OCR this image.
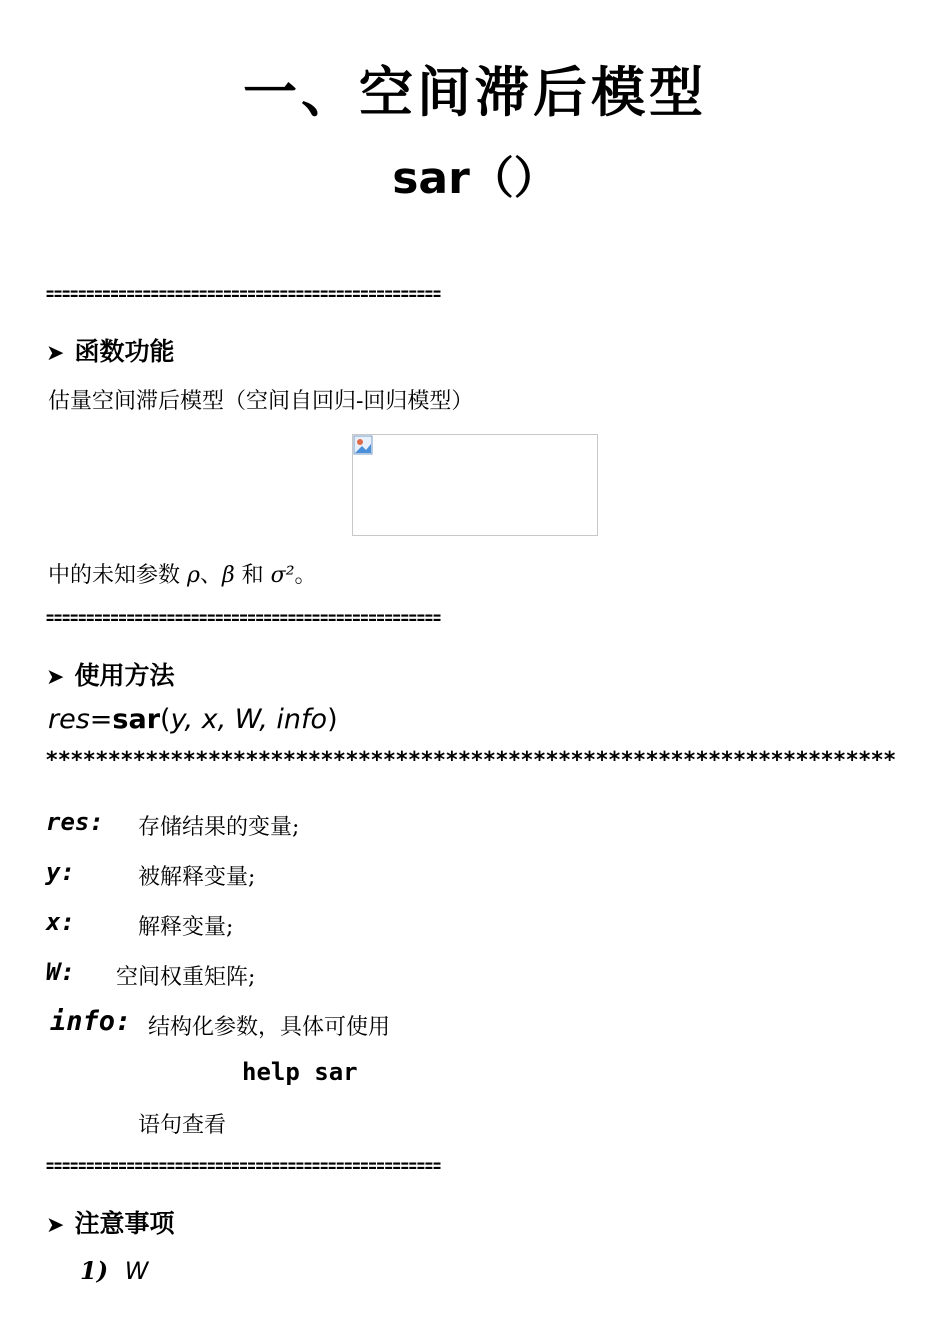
一、空间滞后模型
sar（）
=================================================
➤ 函数功能
估量空间滞后模型（空间自回归-回归模型）
中的未知参数 ρ、β 和 σ²。
=================================================
➤ 使用方法
res=sar(y, x, W, info)
********************************************************************
res: 存储结果的变量;
y:	被解释变量;
x:	解释变量;
W: 空间权重矩阵;
info: 结构化参数，具体可使用
help sar
语句查看
=================================================
➤ 注意事项
1) W
